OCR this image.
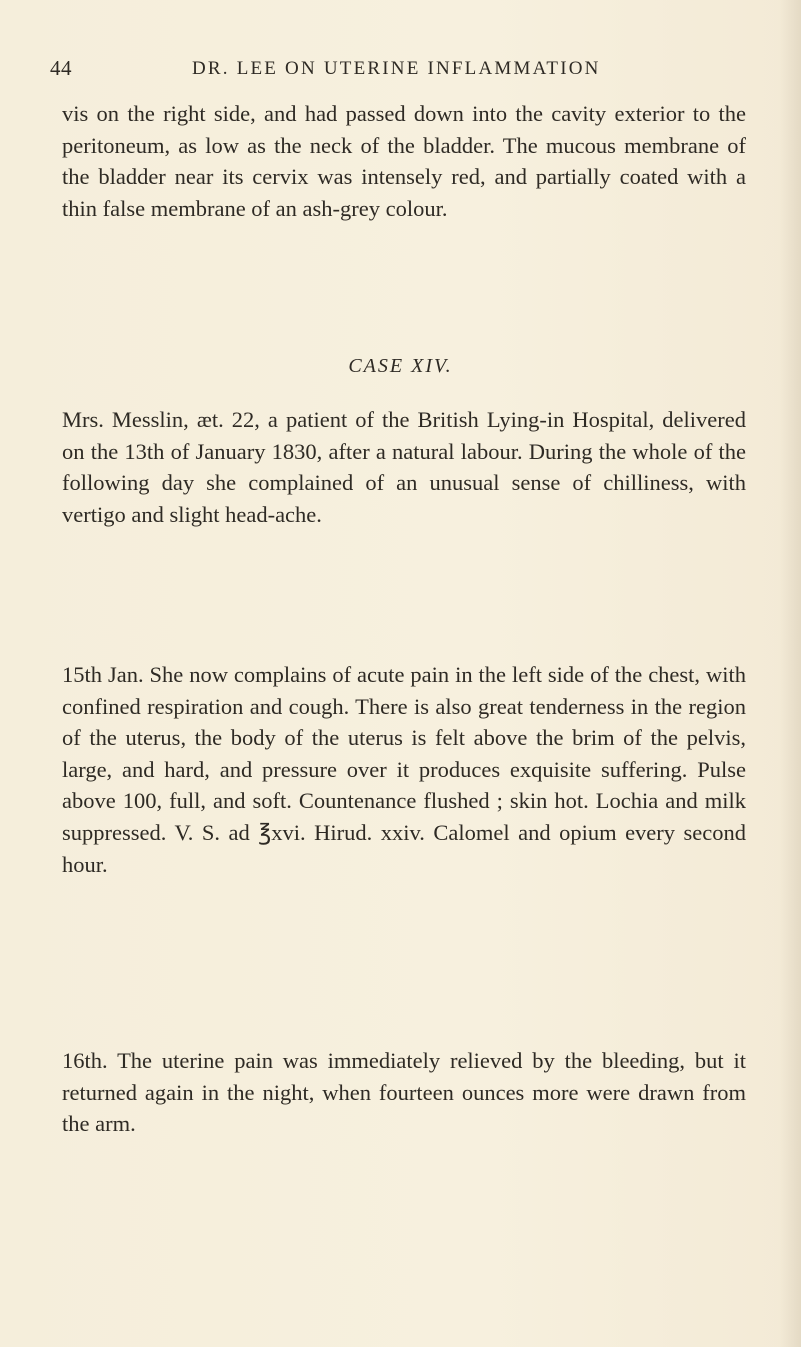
44	DR. LEE ON UTERINE INFLAMMATION

vis on the right side, and had passed down into the cavity exterior to the peritoneum, as low as the neck of the bladder. The mucous membrane of the bladder near its cervix was intensely red, and partially coated with a thin false membrane of an ash-grey colour.

CASE XIV.

Mrs. Messlin, æt. 22, a patient of the British Lying-in Hospital, delivered on the 13th of January 1830, after a natural labour. During the whole of the following day she complained of an unusual sense of chilliness, with vertigo and slight head-ache.

15th Jan. She now complains of acute pain in the left side of the chest, with confined respiration and cough. There is also great tenderness in the region of the uterus, the body of the uterus is felt above the brim of the pelvis, large, and hard, and pressure over it produces exquisite suffering. Pulse above 100, full, and soft. Countenance flushed ; skin hot. Lochia and milk suppressed. V. S. ad ℥xvi. Hirud. xxiv. Calomel and opium every second hour.

16th. The uterine pain was immediately relieved by the bleeding, but it returned again in the night, when fourteen ounces more were drawn from the arm.
